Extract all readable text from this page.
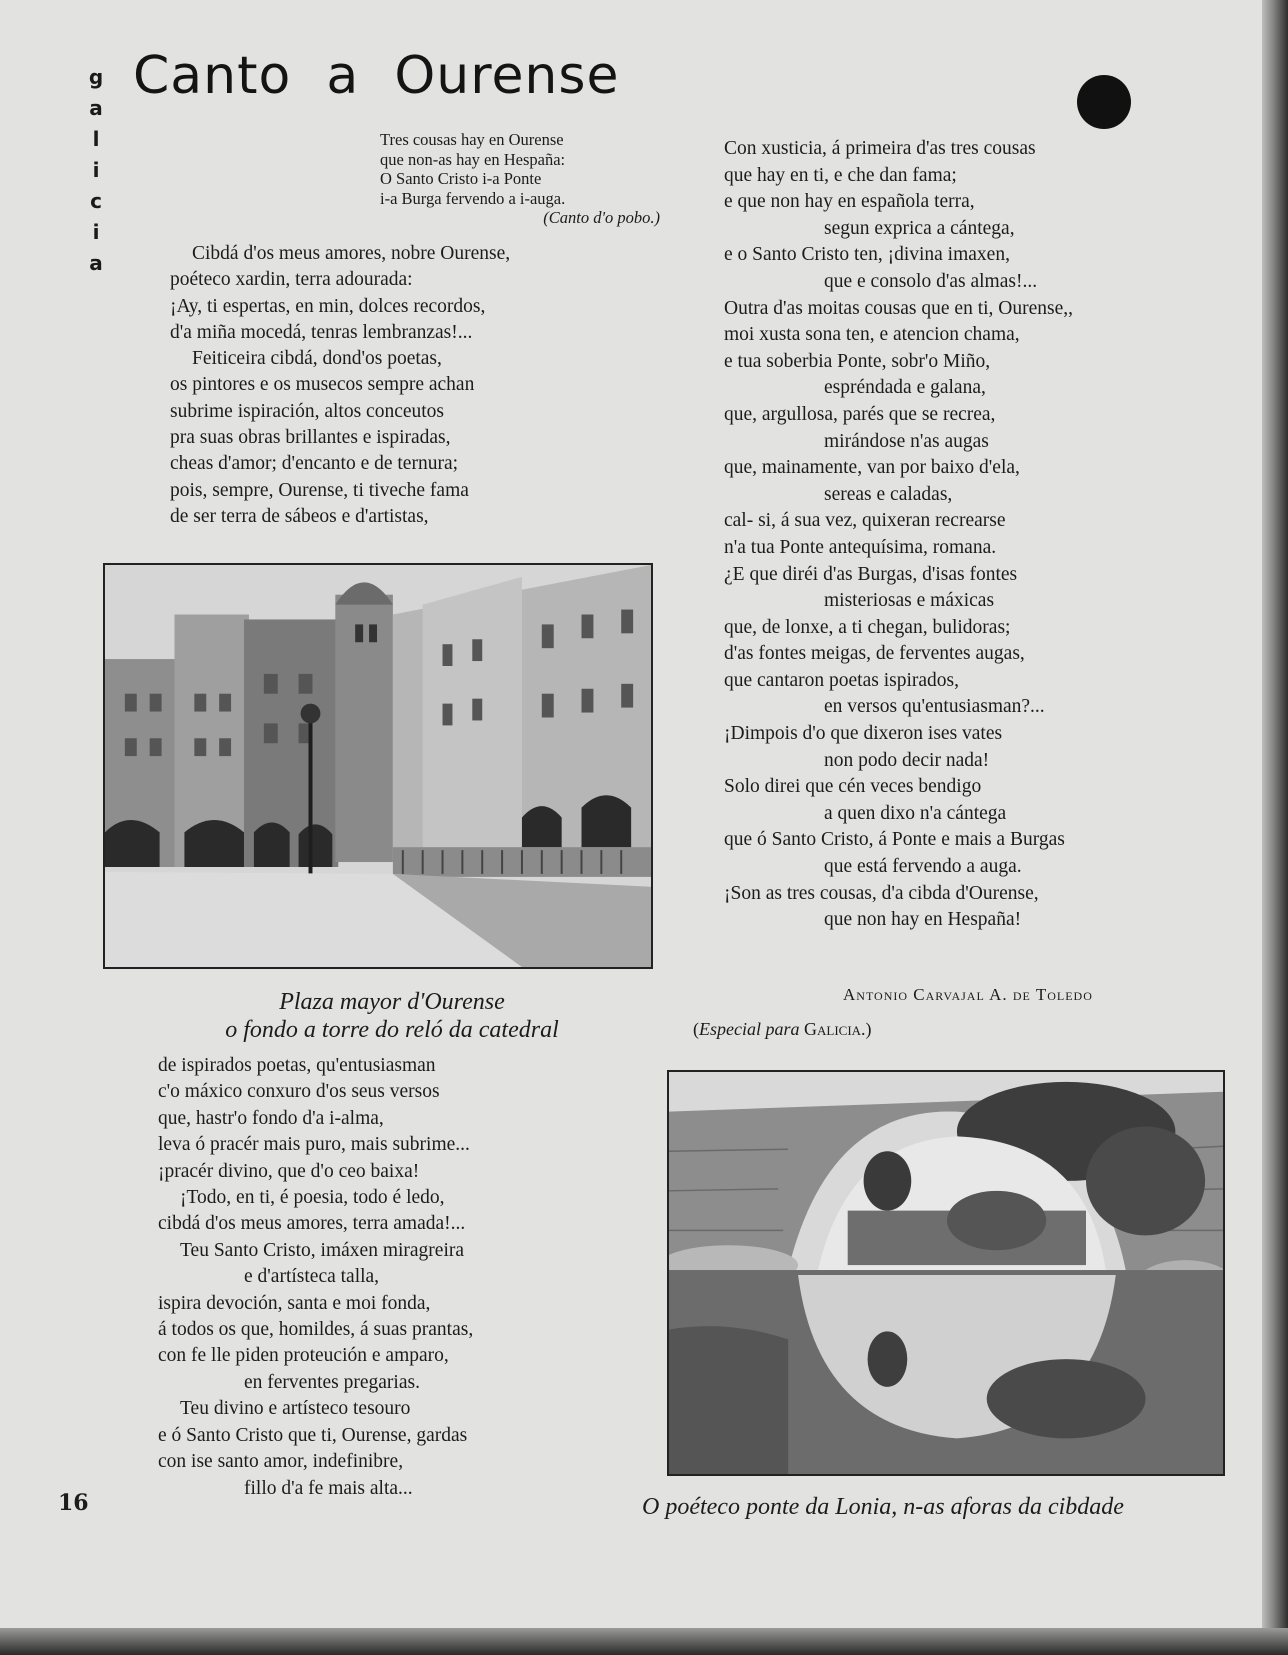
g
a
l
i
c
i
a
Canto  a  Ourense
Tres cousas hay en Ourense
que non-as hay en Hespaña:
O Santo Cristo i-a Ponte
i-a Burga fervendo a i-auga.
(Canto d'o pobo.)
Cibdá d'os meus amores, nobre Ourense,
poéteco xardin, terra adourada:
¡Ay, ti espertas, en min, dolces recordos,
d'a miña mocedá, tenras lembranzas!...
Feiticeira cibdá, dond'os poetas,
os pintores e os musecos sempre achan
subrime ispiración, altos conceutos
pra suas obras brillantes e ispiradas,
cheas d'amor; d'encanto e de ternura;
pois, sempre, Ourense, ti tiveche fama
de ser terra de sábeos e d'artistas,
Plaza mayor d'Ourense
o fondo a torre do reló da catedral
de ispirados poetas, qu'entusiasman
c'o máxico conxuro d'os seus versos
que, hastr'o fondo d'a i-alma,
leva ó pracér mais puro, mais subrime...
¡pracér divino, que d'o ceo baixa!
¡Todo, en ti, é poesia, todo é ledo,
cibdá d'os meus amores, terra amada!...
Teu Santo Cristo, imáxen miragreira
e d'artísteca talla,
ispira devoción, santa e moi fonda,
á todos os que, homildes, á suas prantas,
con fe lle piden proteución e amparo,
en ferventes pregarias.
Teu divino e artísteco tesouro
e ó Santo Cristo que ti, Ourense, gardas
con ise santo amor, indefinibre,
fillo d'a fe mais alta...
Con xusticia, á primeira d'as tres cousas
que hay en ti, e che dan fama;
e que non hay en española terra,
segun exprica a cántega,
e o Santo Cristo ten, ¡divina imaxen,
que e consolo d'as almas!...
Outra d'as moitas cousas que en ti, Ourense,,
moi xusta sona ten, e atencion chama,
e tua soberbia Ponte, sobr'o Miño,
espréndada e galana,
que, argullosa, parés que se recrea,
mirándose n'as augas
que, mainamente, van por baixo d'ela,
sereas e caladas,
cal- si, á sua vez, quixeran recrearse
n'a tua Ponte antequísima, romana.
¿E que diréi d'as Burgas, d'isas fontes
misteriosas e máxicas
que, de lonxe, a ti chegan, bulidoras;
d'as fontes meigas, de ferventes augas,
que cantaron poetas ispirados,
en versos qu'entusiasman?...
¡Dimpois d'o que dixeron ises vates
non podo decir nada!
Solo direi que cén veces bendigo
a quen dixo n'a cántega
que ó Santo Cristo, á Ponte e mais a Burgas
que está fervendo a auga.
¡Son as tres cousas, d'a cibda d'Ourense,
que non hay en Hespaña!
Antonio Carvajal A. de Toledo
(Especial para Galicia.)
O poéteco ponte da Lonia, n-as aforas da cibdade
16
